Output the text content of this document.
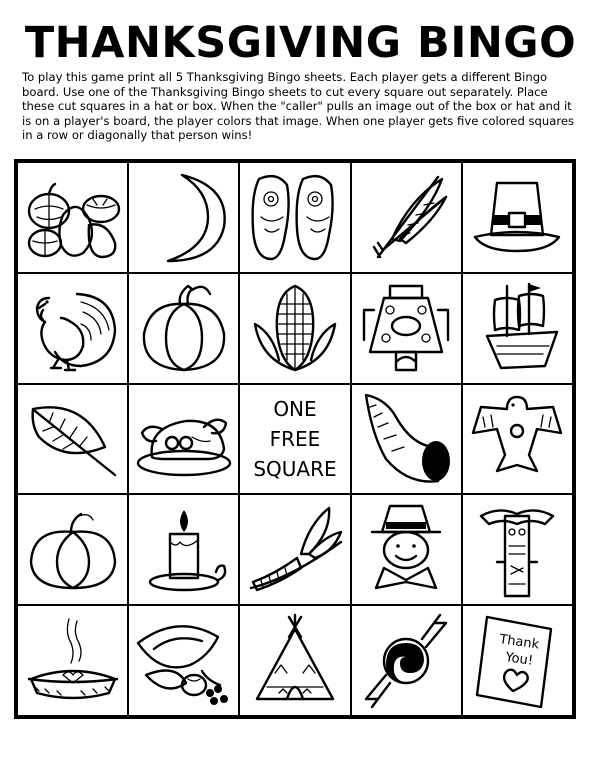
THANKSGIVING BINGO
To play this game print all 5 Thanksgiving Bingo sheets. Each player gets a different Bingo board. Use one of the Thanksgiving Bingo sheets to cut every square out separately. Place these cut squares in a hat or box. When the "caller" pulls an image out of the box or hat and it is on a player's board, the player colors that image. When one player gets five colored squares in a row or diagonally that person wins!
ONE
FREE
SQUARE
Thank
You!
